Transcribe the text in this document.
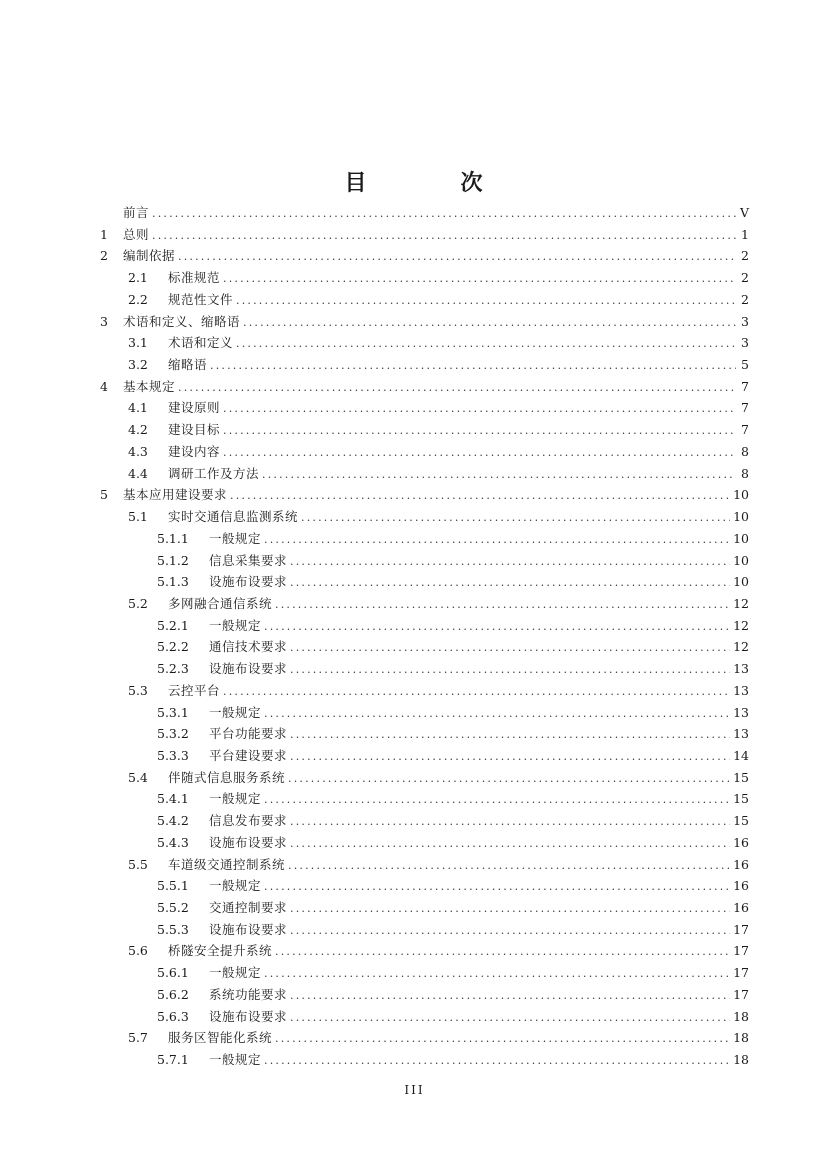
目　次
前言 .....	V
1	总则 .....	1
2	编制依据 .....	2
2.1	标准规范 .....	2
2.2	规范性文件 .....	2
3	术语和定义、缩略语 .....	3
3.1	术语和定义 .....	3
3.2	缩略语 .....	5
4	基本规定 .....	7
4.1	建设原则 .....	7
4.2	建设目标 .....	7
4.3	建设内容 .....	8
4.4	调研工作及方法 .....	8
5	基本应用建设要求 .....	10
5.1	实时交通信息监测系统 .....	10
5.1.1	一般规定 .....	10
5.1.2	信息采集要求 .....	10
5.1.3	设施布设要求 .....	10
5.2	多网融合通信系统 .....	12
5.2.1	一般规定 .....	12
5.2.2	通信技术要求 .....	12
5.2.3	设施布设要求 .....	13
5.3	云控平台 .....	13
5.3.1	一般规定 .....	13
5.3.2	平台功能要求 .....	13
5.3.3	平台建设要求 .....	14
5.4	伴随式信息服务系统 .....	15
5.4.1	一般规定 .....	15
5.4.2	信息发布要求 .....	15
5.4.3	设施布设要求 .....	16
5.5	车道级交通控制系统 .....	16
5.5.1	一般规定 .....	16
5.5.2	交通控制要求 .....	16
5.5.3	设施布设要求 .....	17
5.6	桥隧安全提升系统 .....	17
5.6.1	一般规定 .....	17
5.6.2	系统功能要求 .....	17
5.6.3	设施布设要求 .....	18
5.7	服务区智能化系统 .....	18
5.7.1	一般规定 .....	18
III
